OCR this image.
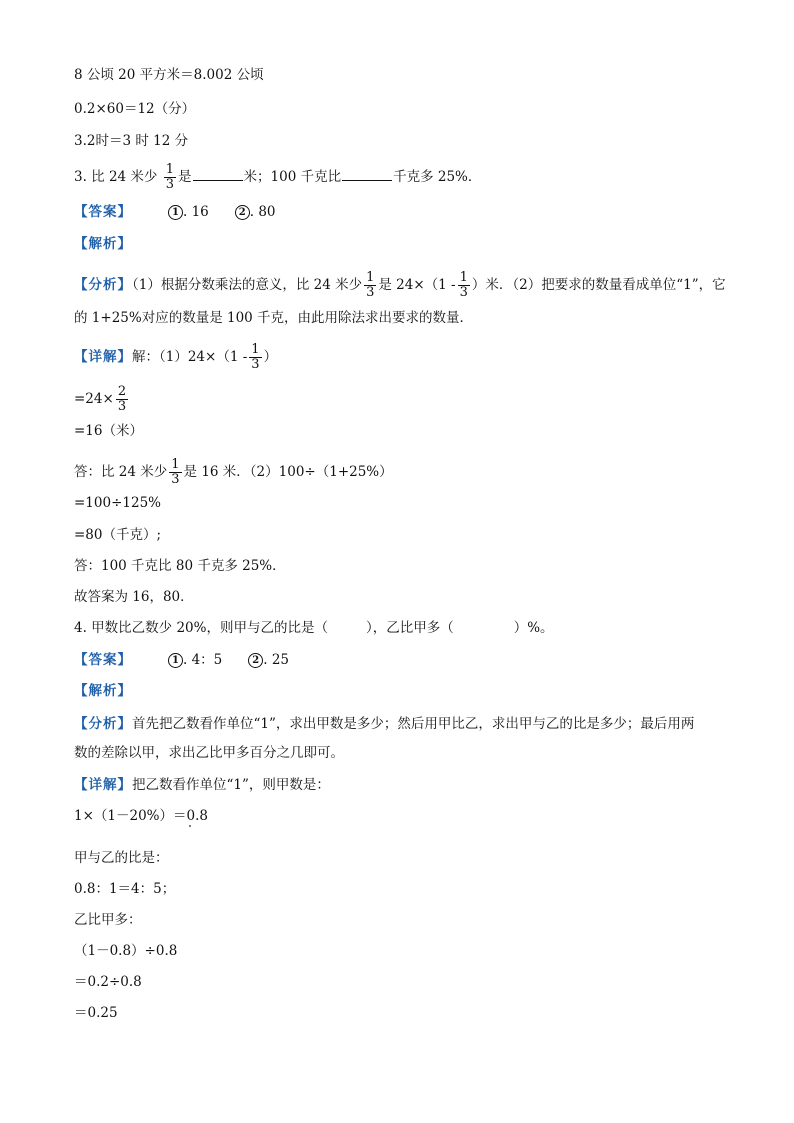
8 公顷 20 平方米＝8.002 公顷
0.2×60＝12（分）
3.2时＝3 时 12 分
3. 比 24 米少 $\frac{1}{3}$ 是	米；100 千克比	千克多 25%．
【答案】	1 . 16	2 . 80
【解析】
【分析】（1）根据分数乘法的意义，比 24 米少 $\frac{1}{3}$ 是 $24\times(1 - \frac{1}{3}$ ）米．（2）把要求的数量看成单位“1”，它
的 1+25%对应的数量是 100 千克，由此用除法求出要求的数量．
【详解】解：$(1)24\times(1 - \frac{1}{3}$ ）
$=24\times \frac{2}{3}$
=16（米）
答：比 24 米少 $\frac{1}{3}$ 是 16 米．（2）100÷（1+25%）
=100÷125%
=80（千克）;
答：100 千克比 80 千克多 25%．
故答案为 16，80．
4. 甲数比乙数少 20%，则甲与乙的比是（	），乙比甲多（	）%。
【答案】	1 . 4：5	2 . 25
【解析】
【分析】首先把乙数看作单位“1”，求出甲数是多少；然后用甲比乙，求出甲与乙的比是多少；最后用两
数的差除以甲，求出乙比甲多百分之几即可。
【详解】把乙数看作单位“1”，则甲数是：
1×（1－20%）＝0.8
甲与乙的比是：
0.8：1＝4：5；
乙比甲多：
（1－0.8）÷0.8
＝0.2÷0.8
＝0.25
